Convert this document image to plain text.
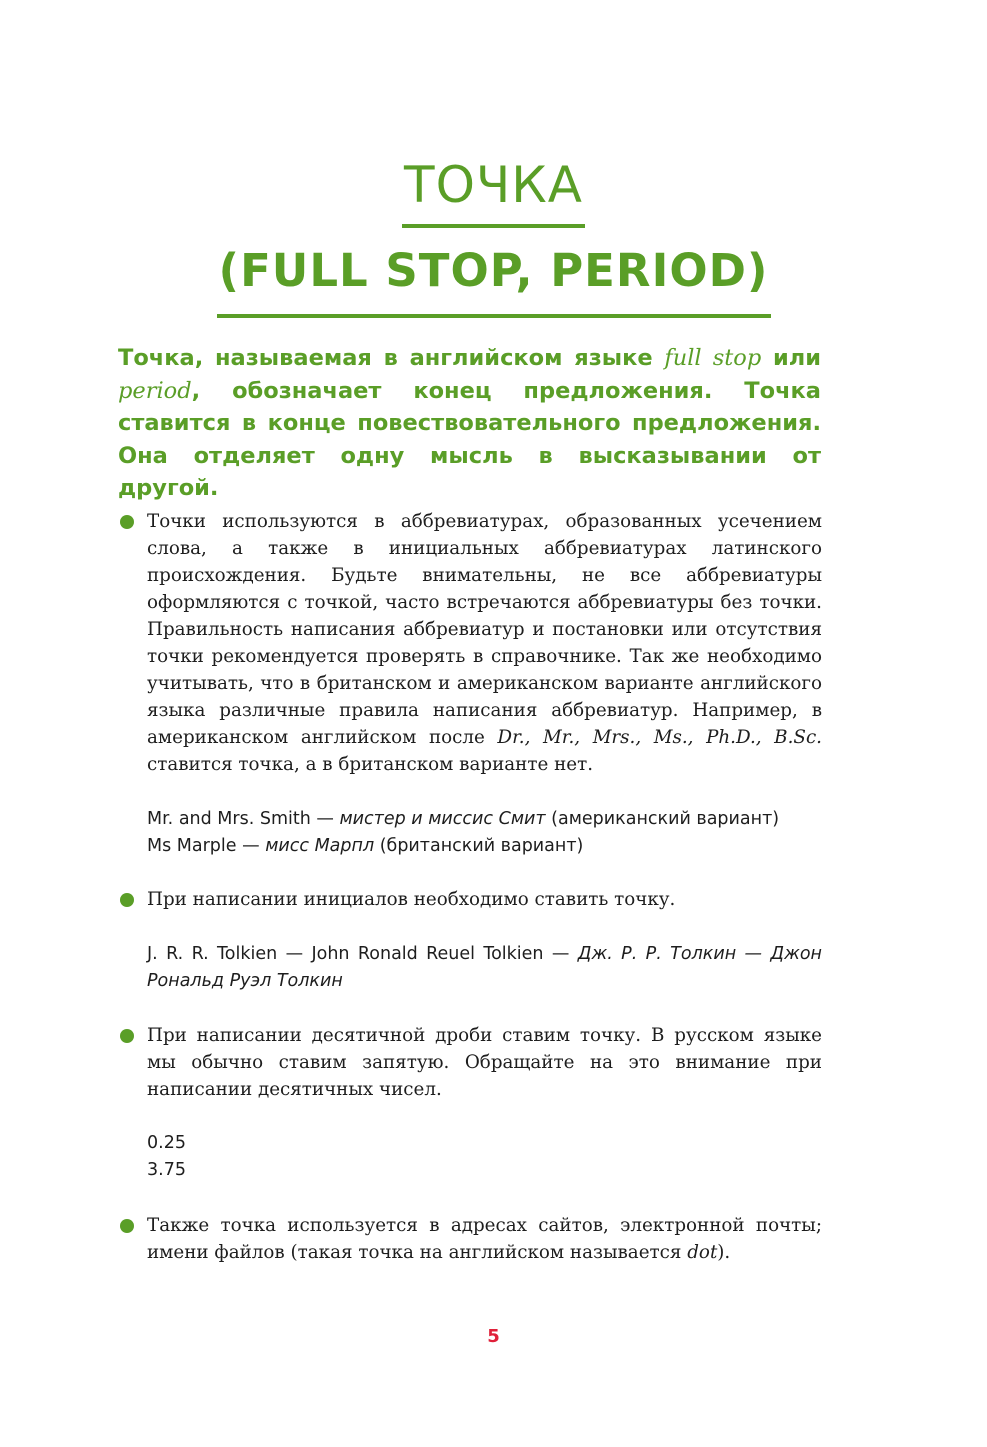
ТОЧКА
(FULL STOP, PERIOD)
Точка, называемая в английском языке full stop или period, обозначает конец предложения. Точка ставится в конце повествовательного предложения. Она отделяет одну мысль в высказывании от другой.
Точки используются в аббревиатурах, образованных усечением слова, а также в инициальных аббревиатурах латинского происхождения. Будьте внимательны, не все аббревиатуры оформляются с точкой, часто встречаются аббревиатуры без точки. Правильность написания аббревиатур и постановки или отсутствия точки рекомендуется проверять в справочнике. Так же необходимо учитывать, что в британском и американском варианте английского языка различные правила написания аббревиатур. Например, в американском английском после Dr., Mr., Mrs., Ms., Ph.D., B.Sc. ставится точка, а в британском варианте нет.
Mr. and Mrs. Smith — мистер и миссис Смит (американский вариант)
Ms Marple — мисс Марпл (британский вариант)
При написании инициалов необходимо ставить точку.
J. R. R. Tolkien — John Ronald Reuel Tolkien — Дж. Р. Р. Толкин — Джон Рональд Руэл Толкин
При написании десятичной дроби ставим точку. В русском языке мы обычно ставим запятую. Обращайте на это внимание при написании десятичных чисел.
0.25
3.75
Также точка используется в адресах сайтов, электронной почты; имени файлов (такая точка на английском называется dot).
5
